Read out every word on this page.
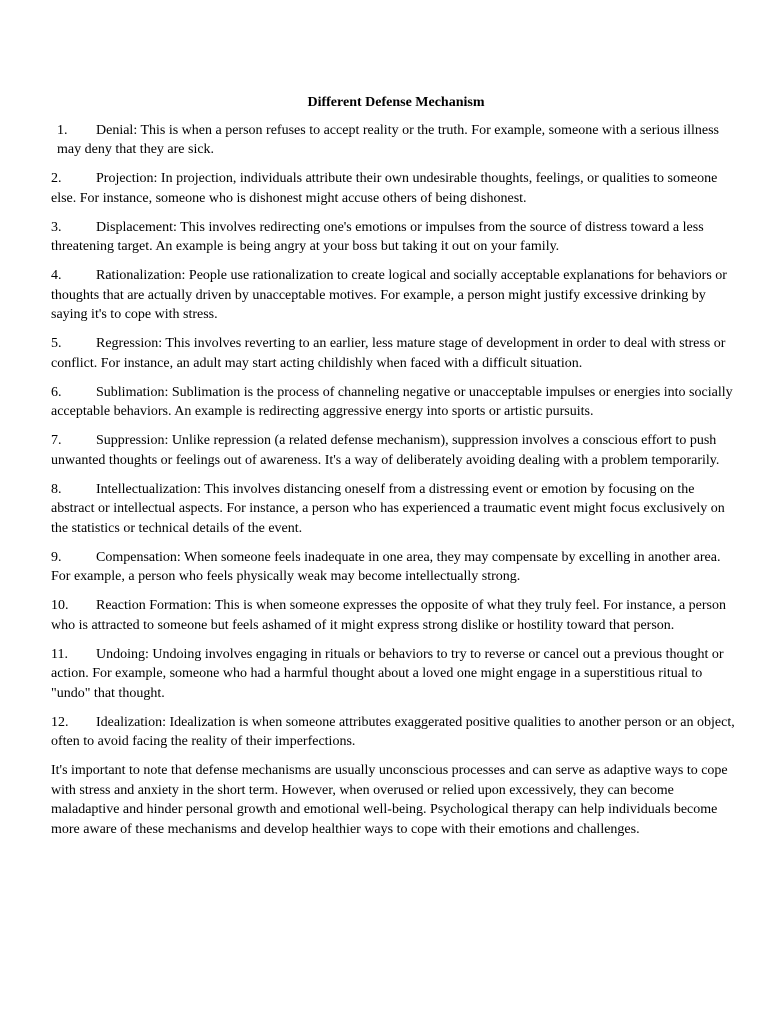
Different Defense Mechanism
1. Denial: This is when a person refuses to accept reality or the truth. For example, someone with a serious illness may deny that they are sick.
2. Projection: In projection, individuals attribute their own undesirable thoughts, feelings, or qualities to someone else. For instance, someone who is dishonest might accuse others of being dishonest.
3. Displacement: This involves redirecting one's emotions or impulses from the source of distress toward a less threatening target. An example is being angry at your boss but taking it out on your family.
4. Rationalization: People use rationalization to create logical and socially acceptable explanations for behaviors or thoughts that are actually driven by unacceptable motives. For example, a person might justify excessive drinking by saying it's to cope with stress.
5. Regression: This involves reverting to an earlier, less mature stage of development in order to deal with stress or conflict. For instance, an adult may start acting childishly when faced with a difficult situation.
6. Sublimation: Sublimation is the process of channeling negative or unacceptable impulses or energies into socially acceptable behaviors. An example is redirecting aggressive energy into sports or artistic pursuits.
7. Suppression: Unlike repression (a related defense mechanism), suppression involves a conscious effort to push unwanted thoughts or feelings out of awareness. It's a way of deliberately avoiding dealing with a problem temporarily.
8. Intellectualization: This involves distancing oneself from a distressing event or emotion by focusing on the abstract or intellectual aspects. For instance, a person who has experienced a traumatic event might focus exclusively on the statistics or technical details of the event.
9. Compensation: When someone feels inadequate in one area, they may compensate by excelling in another area. For example, a person who feels physically weak may become intellectually strong.
10. Reaction Formation: This is when someone expresses the opposite of what they truly feel. For instance, a person who is attracted to someone but feels ashamed of it might express strong dislike or hostility toward that person.
11. Undoing: Undoing involves engaging in rituals or behaviors to try to reverse or cancel out a previous thought or action. For example, someone who had a harmful thought about a loved one might engage in a superstitious ritual to "undo" that thought.
12. Idealization: Idealization is when someone attributes exaggerated positive qualities to another person or an object, often to avoid facing the reality of their imperfections.

It's important to note that defense mechanisms are usually unconscious processes and can serve as adaptive ways to cope with stress and anxiety in the short term. However, when overused or relied upon excessively, they can become maladaptive and hinder personal growth and emotional well-being. Psychological therapy can help individuals become more aware of these mechanisms and develop healthier ways to cope with their emotions and challenges.
